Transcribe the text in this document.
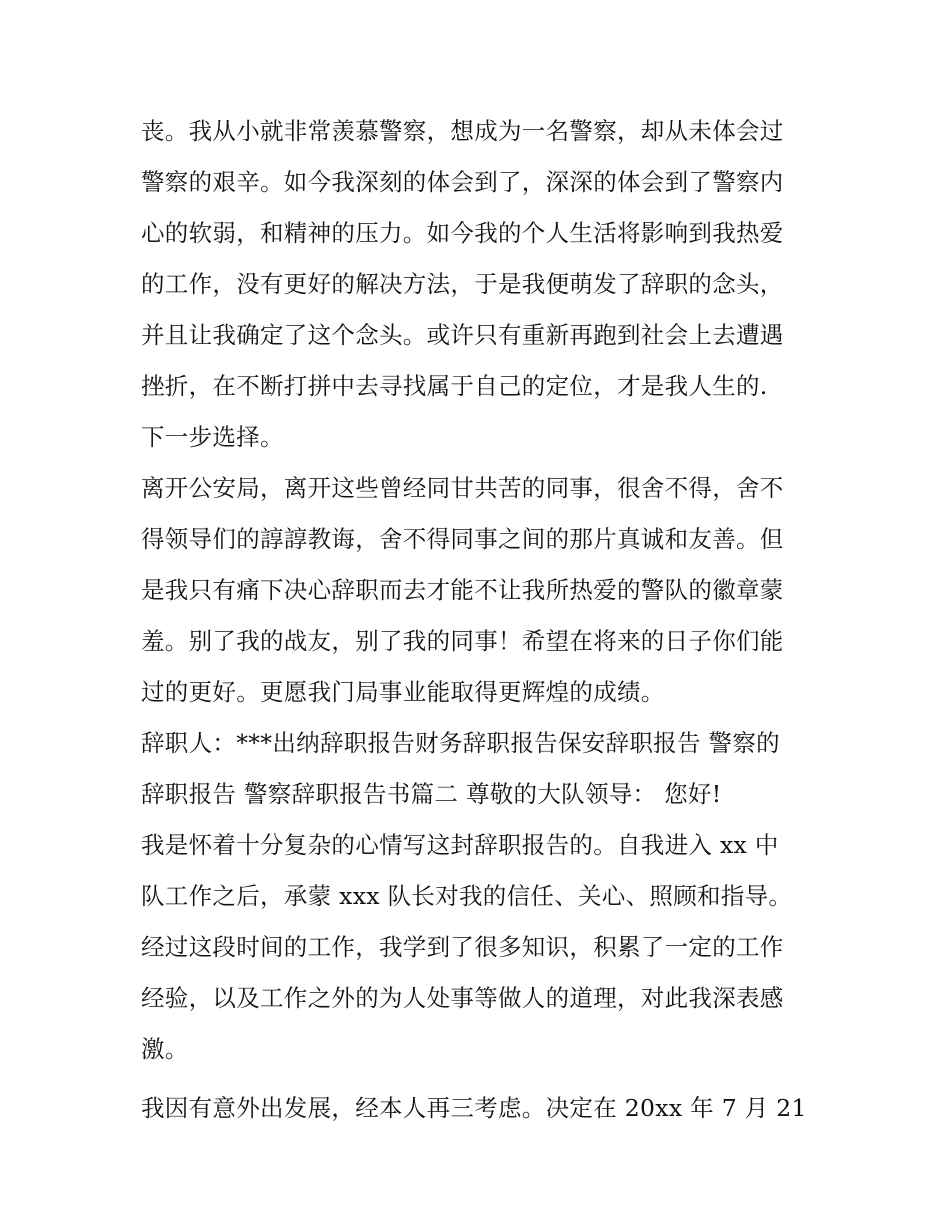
丧。我从小就非常羡慕警察，想成为一名警察，却从未体会过
警察的艰辛。如今我深刻的体会到了，深深的体会到了警察内
心的软弱，和精神的压力。如今我的个人生活将影响到我热爱
的工作，没有更好的解决方法，于是我便萌发了辞职的念头，
并且让我确定了这个念头。或许只有重新再跑到社会上去遭遇
挫折，在不断打拼中去寻找属于自己的定位，才是我人生的.
下一步选择。
离开公安局，离开这些曾经同甘共苦的同事，很舍不得，舍不
得领导们的諄諄教诲，舍不得同事之间的那片真诚和友善。但
是我只有痛下决心辞职而去才能不让我所热爱的警队的徽章蒙
羞。别了我的战友，别了我的同事！希望在将来的日子你们能
过的更好。更愿我门局事业能取得更辉煌的成绩。
辞职人：***出纳辞职报告财务辞职报告保安辞职报告 警察的
辞职报告 警察辞职报告书篇二 尊敬的大队领导： 您好!
我是怀着十分复杂的心情写这封辞职报告的。自我进入 xx 中
队工作之后，承蒙 xxx 队长对我的信任、关心、照顾和指导。
经过这段时间的工作，我学到了很多知识，积累了一定的工作
经验，以及工作之外的为人处事等做人的道理，对此我深表感
激。
我因有意外出发展，经本人再三考虑。决定在 20xx 年 7 月 21
